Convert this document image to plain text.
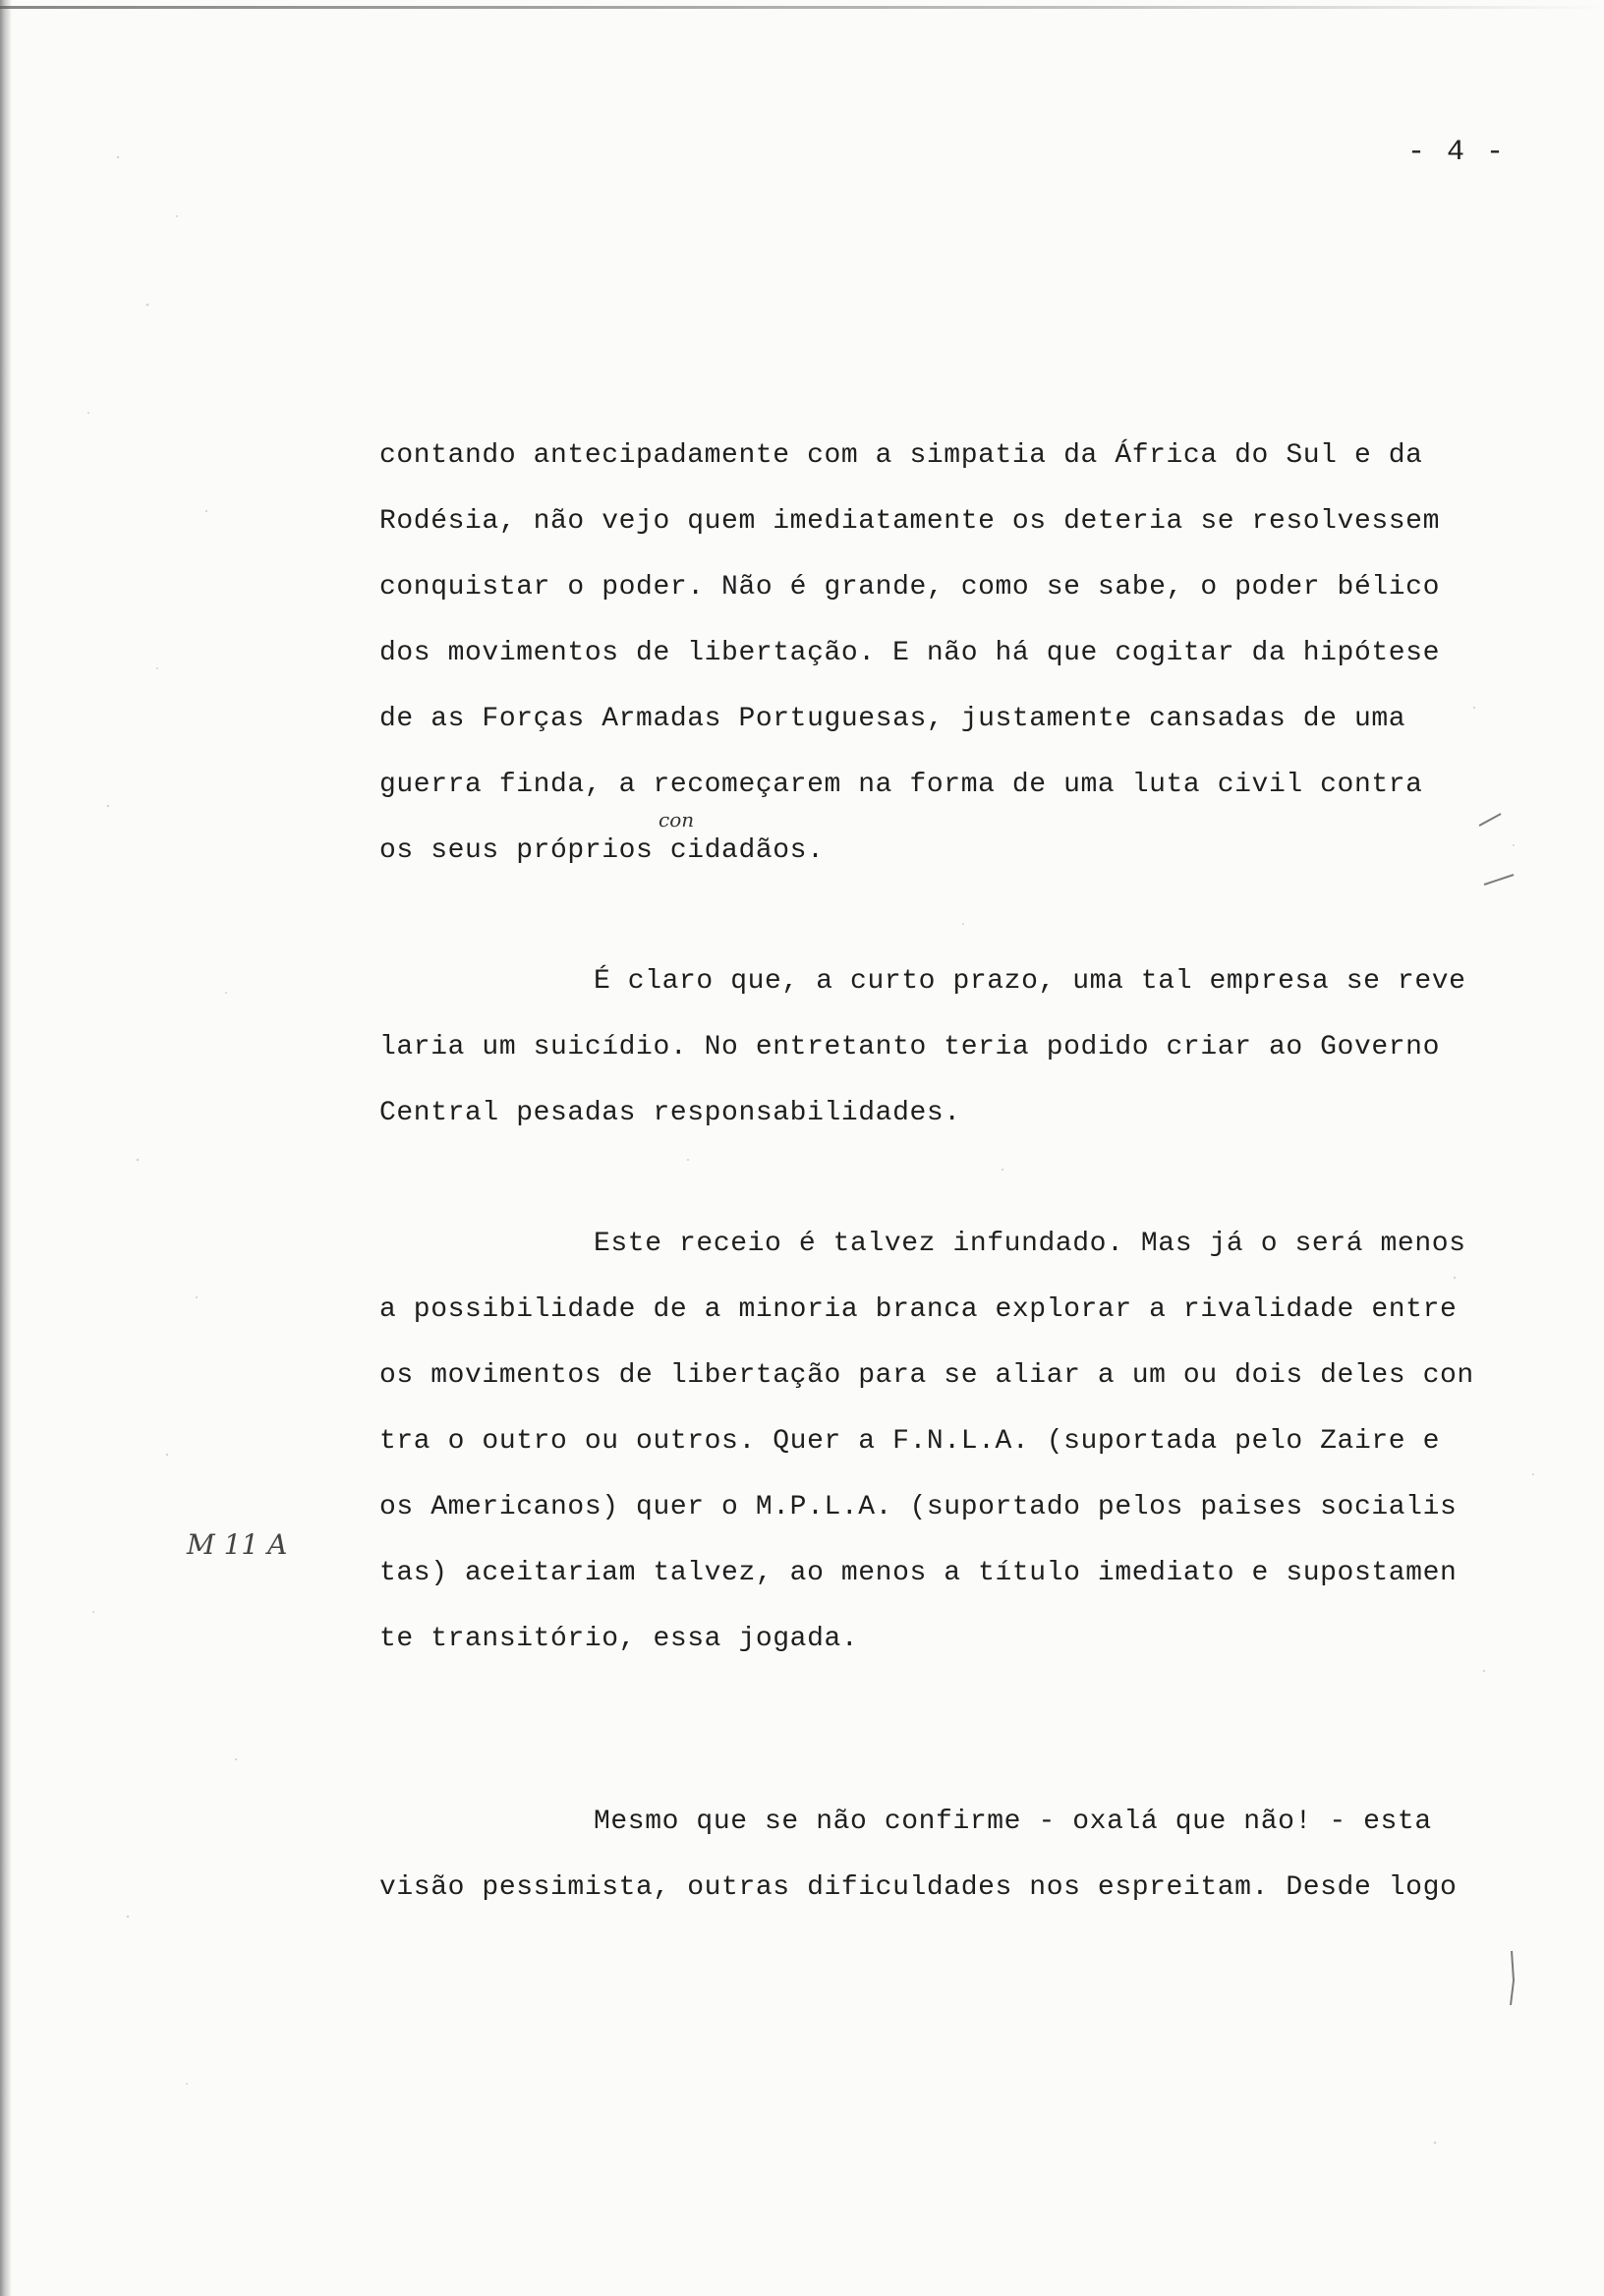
- 4 -
contando antecipadamente com a simpatia da África do Sul e da
Rodésia, não vejo quem imediatamente os deteria se resolvessem
conquistar o poder. Não é grande, como se sabe, o poder bélico
dos movimentos de libertação. E não há que cogitar da hipótese
de as Forças Armadas Portuguesas, justamente cansadas de uma
guerra finda, a recomeçarem na forma de uma luta civil contra
os seus próprios cidadãos.
con
É claro que, a curto prazo, uma tal empresa se reve
laria um suicídio. No entretanto teria podido criar ao Governo
Central pesadas responsabilidades.
Este receio é talvez infundado. Mas já o será menos
a possibilidade de a minoria branca explorar a rivalidade entre
os movimentos de libertação para se aliar a um ou dois deles con
tra o outro ou outros. Quer a F.N.L.A. (suportada pelo Zaire e
os Americanos) quer o M.P.L.A. (suportado pelos paises socialis
tas) aceitariam talvez, ao menos a título imediato e supostamen
te transitório, essa jogada.
M 11 A
Mesmo que se não confirme - oxalá que não! - esta
visão pessimista, outras dificuldades nos espreitam. Desde logo
